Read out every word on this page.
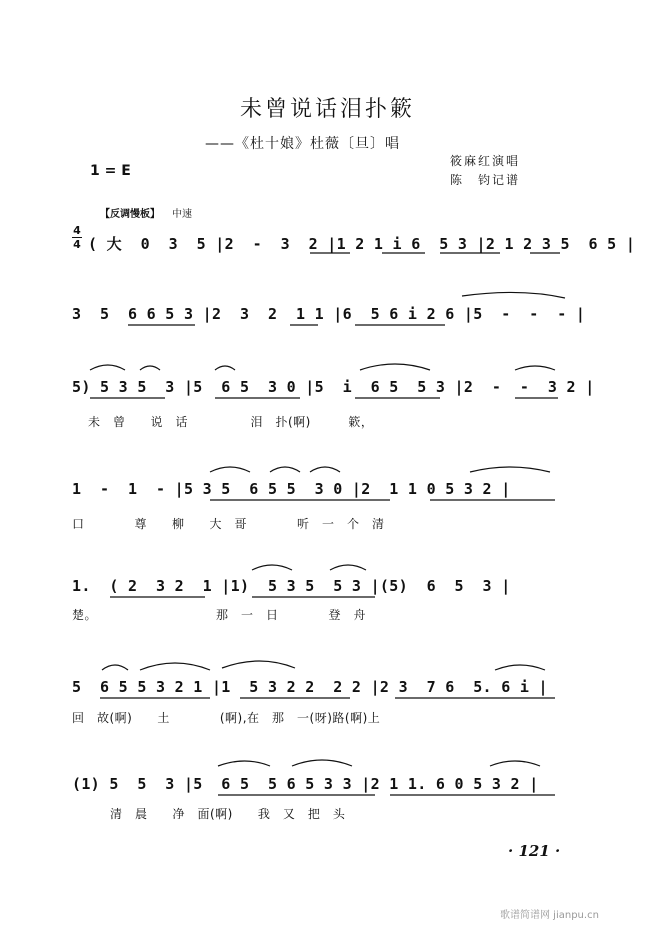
未曾说话泪扑簌
——《杜十娘》杜薇〔旦〕唱
1 = E
筱麻红演唱
陈　钧记谱
【反调慢板】 中速
4
4 ( 大  0  3  5 |2  -  3  2 |1 2 1 i 6  5 3 |2 1 2 3 5  6 5 |
3  5  6 6 5 3 |2  3  2  1 1 |6  5 6 i 2 6 |5  -  -  - |
5) 5 3 5  3 |5  6 5  3 0 |5  i  6 5  5 3 |2  -  -  3 2 |
未　曾　　说　话　　　　　泪　扑(啊)　　　簌，
1  -  1  - |5 3 5  6 5 5  3 0 |2  1 1 0 5 3 2 |
口　　　　尊　　柳　　大　哥　　　　听　一　个　清
1.  ( 2  3 2  1 |1)  5 3 5  5 3 |(5)  6  5  3 |
楚。　　　　　　　　　　那　一　日　　　　登　舟
5  6 5 5 3 2 1 |1  5 3 2 2  2 2 |2 3  7 6  5. 6 i |
回　故(啊)　　土　　　　(啊),在　那　一(呀)路(啊)上
(1) 5  5  3 |5  6 5  5 6 5 3 3 |2 1 1. 6 0 5 3 2 |
清　晨　　净　面(啊)　　我　又　把　头
· 121 ·
歌谱简谱网 jianpu.cn
